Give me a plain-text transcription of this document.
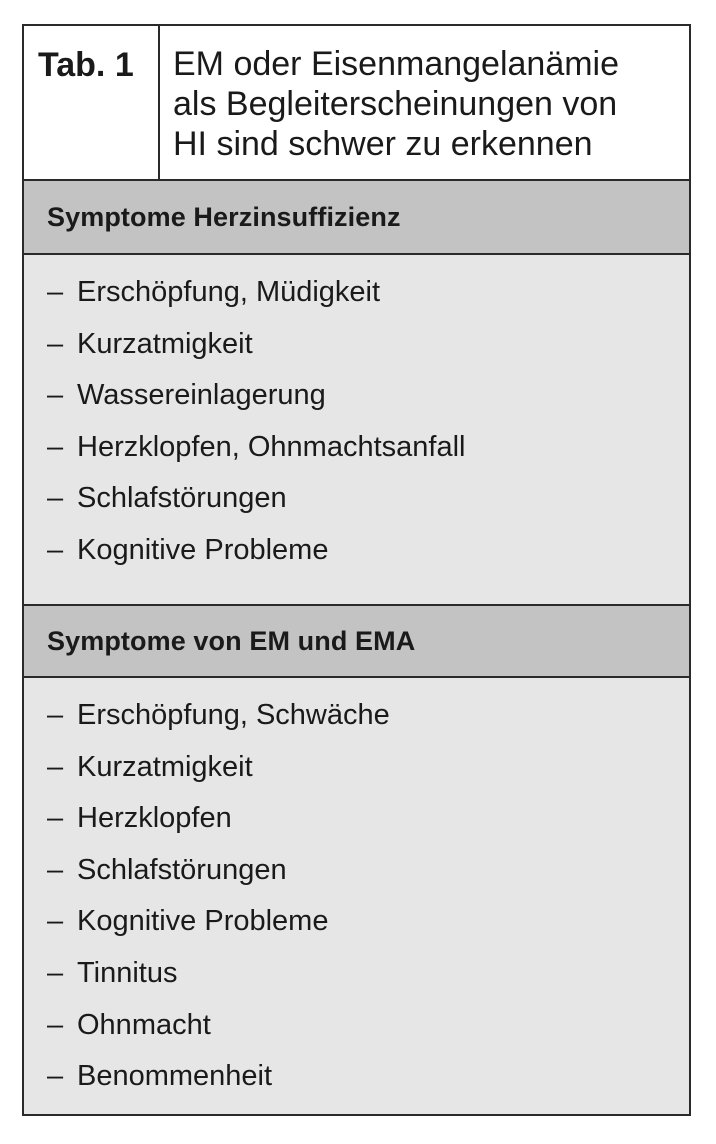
Tab. 1	EM oder Eisenmangelanämie
als Begleiterscheinungen von
HI sind schwer zu erkennen
Symptome Herzinsuffizienz
– Erschöpfung, Müdigkeit
– Kurzatmigkeit
– Wassereinlagerung
– Herzklopfen, Ohnmachtsanfall
– Schlafstörungen
– Kognitive Probleme
Symptome von EM und EMA
– Erschöpfung, Schwäche
– Kurzatmigkeit
– Herzklopfen
– Schlafstörungen
– Kognitive Probleme
– Tinnitus
– Ohnmacht
– Benommenheit
